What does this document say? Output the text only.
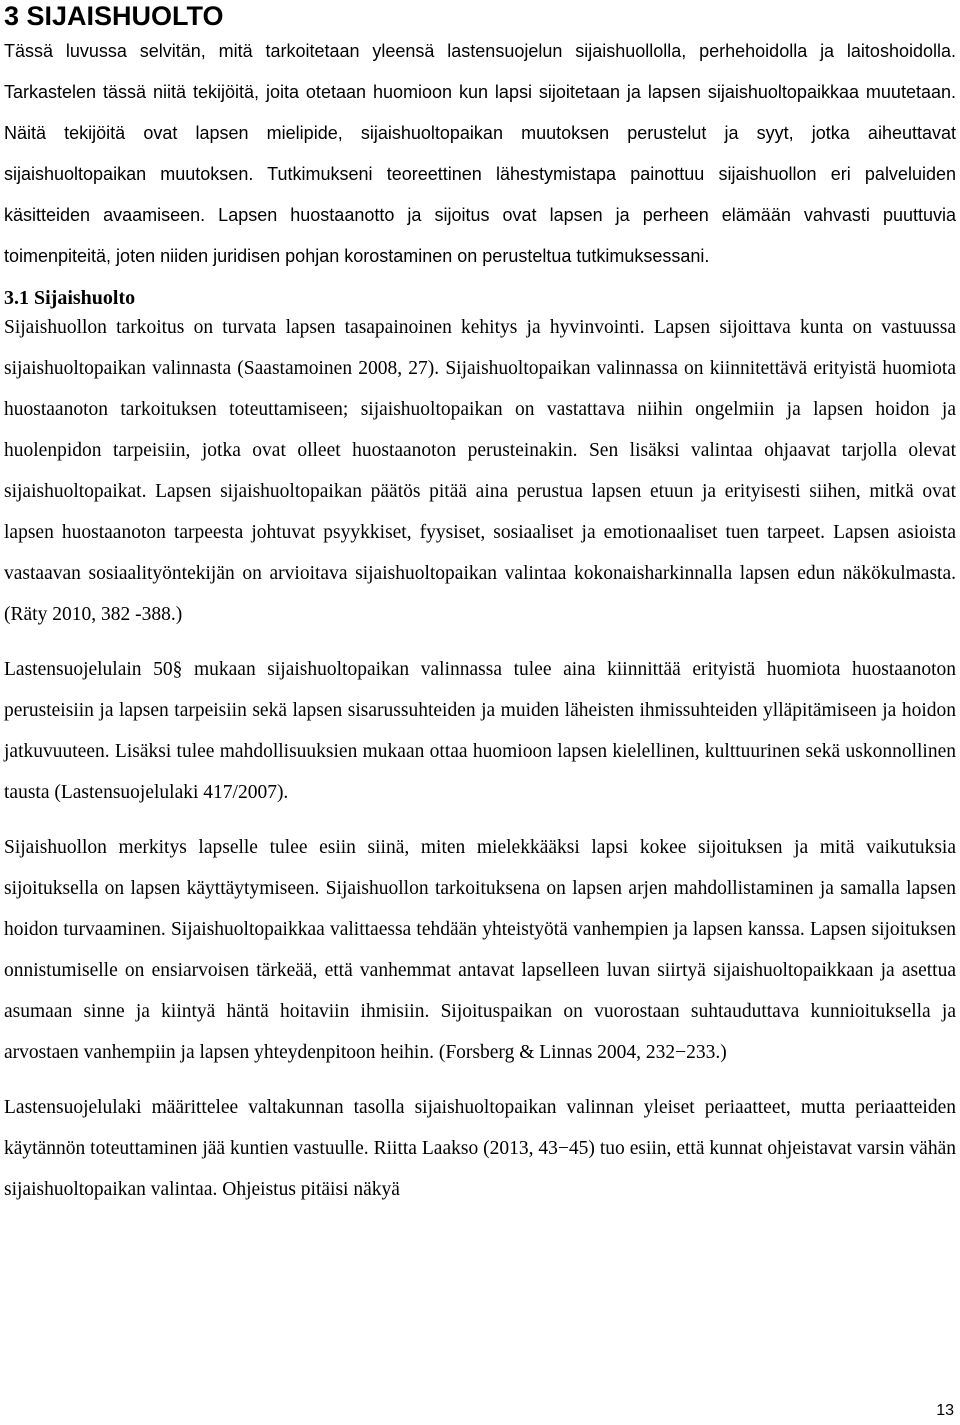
3 SIJAISHUOLTO

Tässä luvussa selvitän, mitä tarkoitetaan yleensä lastensuojelun sijaishuollolla, perhehoidolla ja laitoshoidolla. Tarkastelen tässä niitä tekijöitä, joita otetaan huomioon kun lapsi sijoitetaan ja lapsen sijaishuoltopaikkaa muutetaan. Näitä tekijöitä ovat lapsen mielipide, sijaishuoltopaikan muutoksen perustelut ja syyt, jotka aiheuttavat sijaishuoltopaikan muutoksen. Tutkimukseni teoreettinen lähestymistapa painottuu sijaishuollon eri palveluiden käsitteiden avaamiseen. Lapsen huostaanotto ja sijoitus ovat lapsen ja perheen elämään vahvasti puuttuvia toimenpiteitä, joten niiden juridisen pohjan korostaminen on perusteltua tutkimuksessani.

3.1 Sijaishuolto

Sijaishuollon tarkoitus on turvata lapsen tasapainoinen kehitys ja hyvinvointi. Lapsen sijoittava kunta on vastuussa sijaishuoltopaikan valinnasta (Saastamoinen 2008, 27). Sijaishuoltopaikan valinnassa on kiinnitettävä erityistä huomiota huostaanoton tarkoituksen toteuttamiseen; sijaishuoltopaikan on vastattava niihin ongelmiin ja lapsen hoidon ja huolenpidon tarpeisiin, jotka ovat olleet huostaanoton perusteinakin. Sen lisäksi valintaa ohjaavat tarjolla olevat sijaishuoltopaikat. Lapsen sijaishuoltopaikan päätös pitää aina perustua lapsen etuun ja erityisesti siihen, mitkä ovat lapsen huostaanoton tarpeesta johtuvat psyykkiset, fyysiset, sosiaaliset ja emotionaaliset tuen tarpeet. Lapsen asioista vastaavan sosiaalityöntekijän on arvioitava sijaishuoltopaikan valintaa kokonaisharkinnalla lapsen edun näkökulmasta. (Räty 2010, 382 -388.)

Lastensuojelulain 50§ mukaan sijaishuoltopaikan valinnassa tulee aina kiinnittää erityistä huomiota huostaanoton perusteisiin ja lapsen tarpeisiin sekä lapsen sisarussuhteiden ja muiden läheisten ihmissuhteiden ylläpitämiseen ja hoidon jatkuvuuteen. Lisäksi tulee mahdollisuuksien mukaan ottaa huomioon lapsen kielellinen, kulttuurinen sekä uskonnollinen tausta (Lastensuojelulaki 417/2007).

Sijaishuollon merkitys lapselle tulee esiin siinä, miten mielekkääksi lapsi kokee sijoituksen ja mitä vaikutuksia sijoituksella on lapsen käyttäytymiseen. Sijaishuollon tarkoituksena on lapsen arjen mahdollistaminen ja samalla lapsen hoidon turvaaminen. Sijaishuoltopaikkaa valittaessa tehdään yhteistyötä vanhempien ja lapsen kanssa. Lapsen sijoituksen onnistumiselle on ensiarvoisen tärkeää, että vanhemmat antavat lapselleen luvan siirtyä sijaishuoltopaikkaan ja asettua asumaan sinne ja kiintyä häntä hoitaviin ihmisiin. Sijoituspaikan on vuorostaan suhtauduttava kunnioituksella ja arvostaen vanhempiin ja lapsen yhteydenpitoon heihin. (Forsberg & Linnas 2004, 232−233.)

Lastensuojelulaki määrittelee valtakunnan tasolla sijaishuoltopaikan valinnan yleiset periaatteet, mutta periaatteiden käytännön toteuttaminen jää kuntien vastuulle. Riitta Laakso (2013, 43−45) tuo esiin, että kunnat ohjeistavat varsin vähän sijaishuoltopaikan valintaa. Ohjeistus pitäisi näkyä

13
